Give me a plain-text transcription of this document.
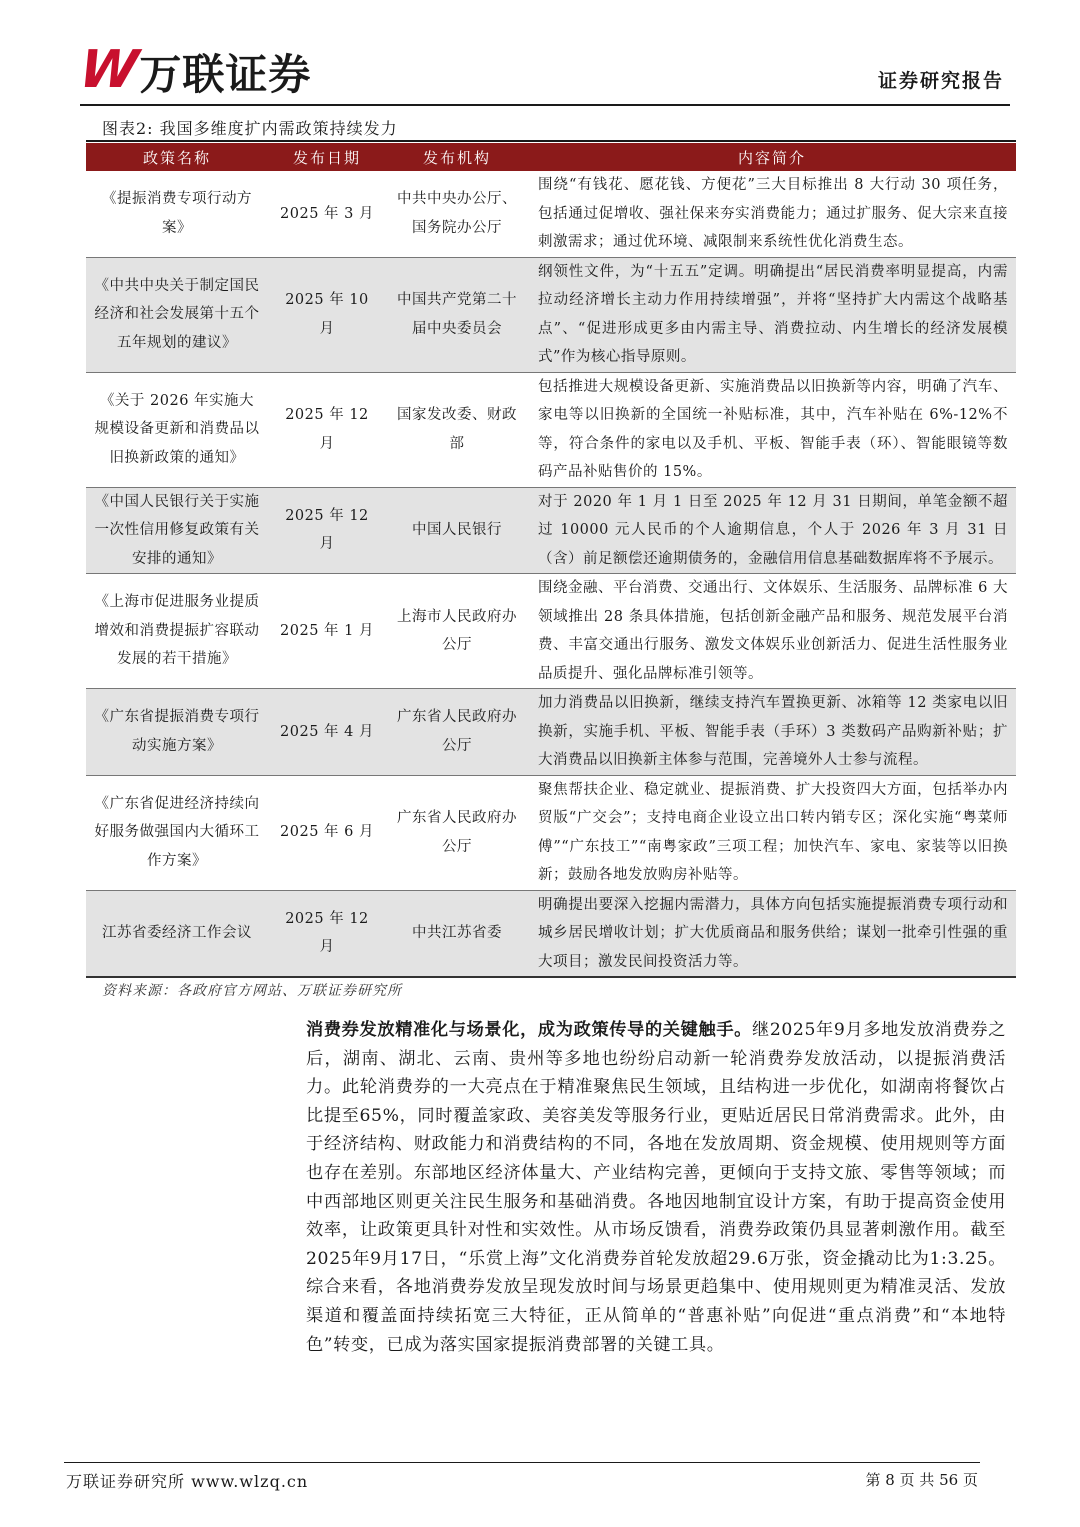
W 万联证券	证券研究报告
图表2: 我国多维度扩内需政策持续发力
政策名称	发布日期	发布机构	内容简介
《提振消费专项行动方案》	2025 年 3 月	中共中央办公厅、国务院办公厅	围绕“有钱花、愿花钱、方便花”三大目标推出 8 大行动 30 项任务，包括通过促增收、强社保来夯实消费能力；通过扩服务、促大宗来直接刺激需求；通过优环境、减限制来系统性优化消费生态。
《中共中央关于制定国民经济和社会发展第十五个五年规划的建议》	2025 年 10 月	中国共产党第二十届中央委员会	纲领性文件，为“十五五”定调。明确提出“居民消费率明显提高，内需拉动经济增长主动力作用持续增强”，并将“坚持扩大内需这个战略基点”、“促进形成更多由内需主导、消费拉动、内生增长的经济发展模式”作为核心指导原则。
《关于 2026 年实施大规模设备更新和消费品以旧换新政策的通知》	2025 年 12 月	国家发改委、财政部	包括推进大规模设备更新、实施消费品以旧换新等内容，明确了汽车、家电等以旧换新的全国统一补贴标准，其中，汽车补贴在 6%-12%不等，符合条件的家电以及手机、平板、智能手表（环）、智能眼镜等数码产品补贴售价的 15%。
《中国人民银行关于实施一次性信用修复政策有关安排的通知》	2025 年 12 月	中国人民银行	对于 2020 年 1 月 1 日至 2025 年 12 月 31 日期间，单笔金额不超过 10000 元人民币的个人逾期信息，个人于 2026 年 3 月 31 日（含）前足额偿还逾期债务的，金融信用信息基础数据库将不予展示。
《上海市促进服务业提质增效和消费提振扩容联动发展的若干措施》	2025 年 1 月	上海市人民政府办公厅	围绕金融、平台消费、交通出行、文体娱乐、生活服务、品牌标准 6 大领域推出 28 条具体措施，包括创新金融产品和服务、规范发展平台消费、丰富交通出行服务、激发文体娱乐业创新活力、促进生活性服务业品质提升、强化品牌标准引领等。
《广东省提振消费专项行动实施方案》	2025 年 4 月	广东省人民政府办公厅	加力消费品以旧换新，继续支持汽车置换更新、冰箱等 12 类家电以旧换新，实施手机、平板、智能手表（手环）3 类数码产品购新补贴；扩大消费品以旧换新主体参与范围，完善境外人士参与流程。
《广东省促进经济持续向好服务做强国内大循环工作方案》	2025 年 6 月	广东省人民政府办公厅	聚焦帮扶企业、稳定就业、提振消费、扩大投资四大方面，包括举办内贸版“广交会”；支持电商企业设立出口转内销专区；深化实施“粤菜师傅”“广东技工”“南粤家政”三项工程；加快汽车、家电、家装等以旧换新；鼓励各地发放购房补贴等。
江苏省委经济工作会议	2025 年 12 月	中共江苏省委	明确提出要深入挖掘内需潜力，具体方向包括实施提振消费专项行动和城乡居民增收计划；扩大优质商品和服务供给；谋划一批牵引性强的重大项目；激发民间投资活力等。
资料来源：各政府官方网站、万联证券研究所

消费券发放精准化与场景化，成为政策传导的关键触手。继2025年9月多地发放消费券之后，湖南、湖北、云南、贵州等多地也纷纷启动新一轮消费券发放活动，以提振消费活力。此轮消费券的一大亮点在于精准聚焦民生领域，且结构进一步优化，如湖南将餐饮占比提至65%，同时覆盖家政、美容美发等服务行业，更贴近居民日常消费需求。此外，由于经济结构、财政能力和消费结构的不同，各地在发放周期、资金规模、使用规则等方面也存在差别。东部地区经济体量大、产业结构完善，更倾向于支持文旅、零售等领域；而中西部地区则更关注民生服务和基础消费。各地因地制宜设计方案，有助于提高资金使用效率，让政策更具针对性和实效性。从市场反馈看，消费券政策仍具显著刺激作用。截至2025年9月17日，“乐赏上海”文化消费券首轮发放超29.6万张，资金撬动比为1:3.25。综合来看，各地消费券发放呈现发放时间与场景更趋集中、使用规则更为精准灵活、发放渠道和覆盖面持续拓宽三大特征，正从简单的“普惠补贴”向促进“重点消费”和“本地特色”转变，已成为落实国家提振消费部署的关键工具。

万联证券研究所 www.wlzq.cn	第 8 页 共 56 页
